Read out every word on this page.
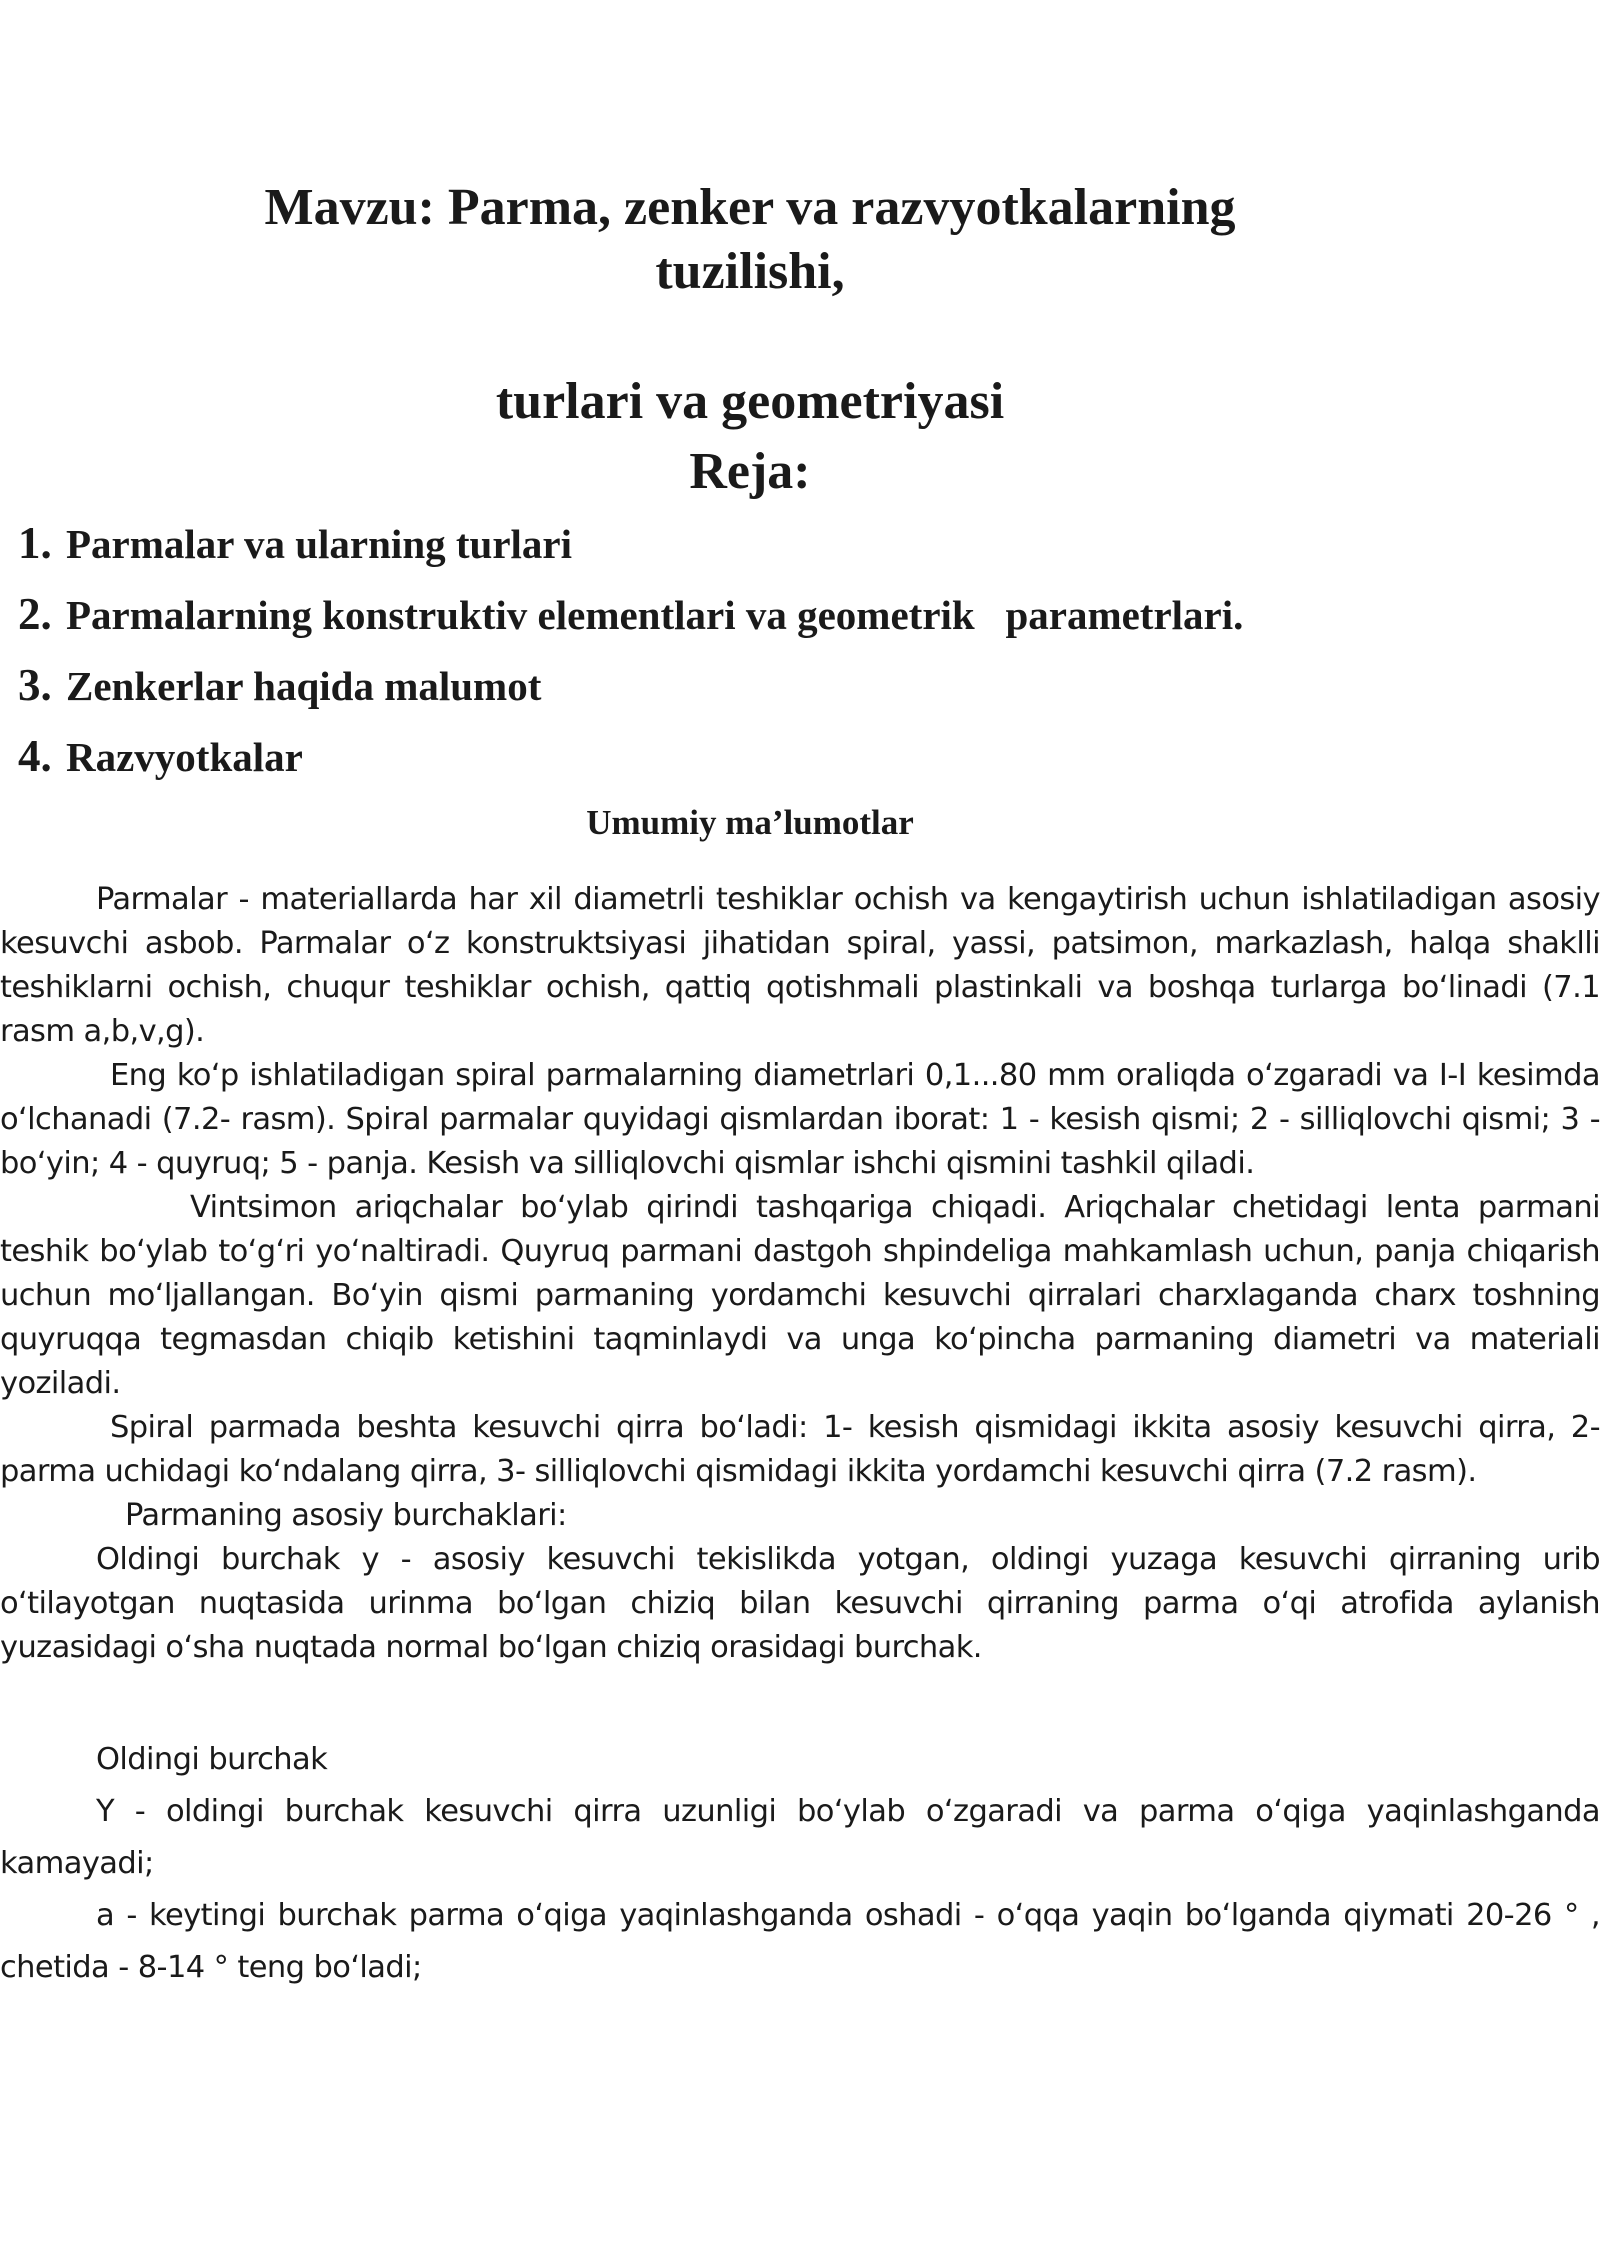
Mavzu: Parma, zenker va razvyotkalarning tuzilishi,
turlari va geometriyasi
Reja:
1. Parmalar va ularning turlari
2. Parmalarning konstruktiv elementlari va geometrik   parametrlari.
3. Zenkerlar haqida malumot
4. Razvyotkalar
Umumiy ma’lumotlar

Parmalar - materiallarda har xil diametrli teshiklar ochish va kengaytirish uchun ishlatiladigan asosiy kesuvchi asbob. Parmalar oʻz konstruktsiyasi jihatidan spiral, yassi, patsimon, markazlash, halqa shaklli teshiklarni ochish, chuqur teshiklar ochish, qattiq qotishmali plastinkali va boshqa turlarga boʻlinadi (7.1 rasm a,b,v,g).

Eng koʻp ishlatiladigan spiral parmalarning diametrlari 0,1...80 mm oraliqda oʻzgaradi va I-I kesimda oʻlchanadi (7.2- rasm). Spiral parmalar quyidagi qismlardan iborat: 1 - kesish qismi; 2 - silliqlovchi qismi; 3 - boʻyin; 4 - quyruq; 5 - panja. Kesish va silliqlovchi qismlar ishchi qismini tashkil qiladi.

Vintsimon ariqchalar boʻylab qirindi tashqariga chiqadi. Ariqchalar chetidagi lenta parmani teshik boʻylab toʻgʻri yoʻnaltiradi. Quyruq parmani dastgoh shpindeliga mahkamlash uchun, panja chiqarish uchun moʻljallangan. Boʻyin qismi parmaning yordamchi kesuvchi qirralari charxlaganda charx toshning quyruqqa tegmasdan chiqib ketishini taqminlaydi va unga koʻpincha parmaning diametri va materiali yoziladi.

Spiral parmada beshta kesuvchi qirra boʻladi: 1- kesish qismidagi ikkita asosiy kesuvchi qirra, 2- parma uchidagi koʻndalang qirra, 3- silliqlovchi qismidagi ikkita yordamchi kesuvchi qirra (7.2 rasm).

Parmaning asosiy burchaklari:

Oldingi burchak y - asosiy kesuvchi tekislikda yotgan, oldingi yuzaga kesuvchi qirraning urib oʻtilayotgan nuqtasida urinma boʻlgan chiziq bilan kesuvchi qirraning parma oʻqi atrofida aylanish yuzasidagi oʻsha nuqtada normal boʻlgan chiziq orasidagi burchak.

Oldingi burchak

Y - oldingi burchak kesuvchi qirra uzunligi boʻylab oʻzgaradi va parma oʻqiga yaqinlashganda kamayadi;

a - keytingi burchak parma oʻqiga yaqinlashganda oshadi - oʻqqa yaqin boʻlganda qiymati 20-26 ° , chetida - 8-14 ° teng boʻladi;
